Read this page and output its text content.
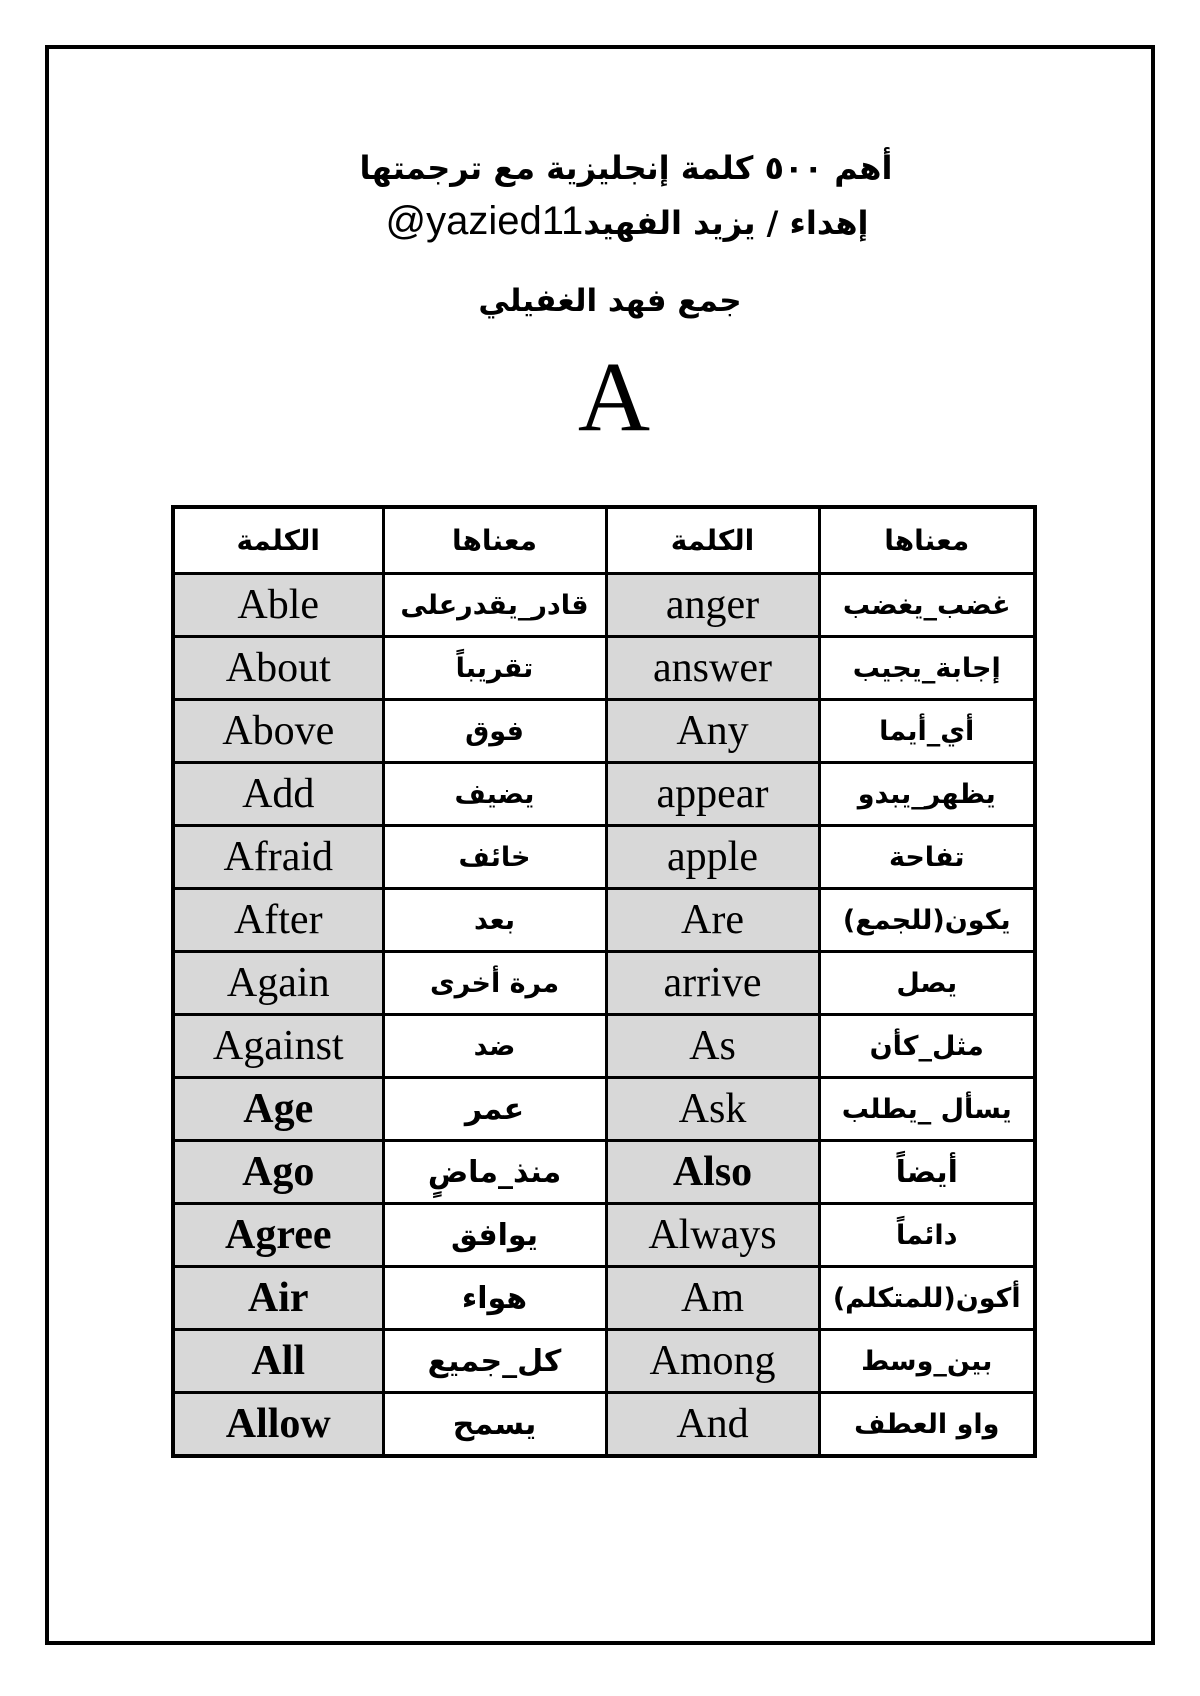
أهم ٥٠٠ كلمة إنجليزية مع ترجمتها
إهداء / يزيد الفهيد@yazied11
جمع فهد الغفيلي
A
الكلمة	معناها	الكلمة	معناها
Able	قادر_يقدرعلى	anger	غضب_يغضب
About	تقريباً	answer	إجابة_يجيب
Above	فوق	Any	أي_أيما
Add	يضيف	appear	يظهر_يبدو
Afraid	خائف	apple	تفاحة
After	بعد	Are	يكون(للجمع)
Again	مرة أخرى	arrive	يصل
Against	ضد	As	مثل_كأن
Age	عمر	Ask	يسأل _يطلب
Ago	منذ_ماضٍ	Also	أيضاً
Agree	يوافق	Always	دائماً
Air	هواء	Am	أكون(للمتكلم)
All	كل_جميع	Among	بين_وسط
Allow	يسمح	And	واو العطف
